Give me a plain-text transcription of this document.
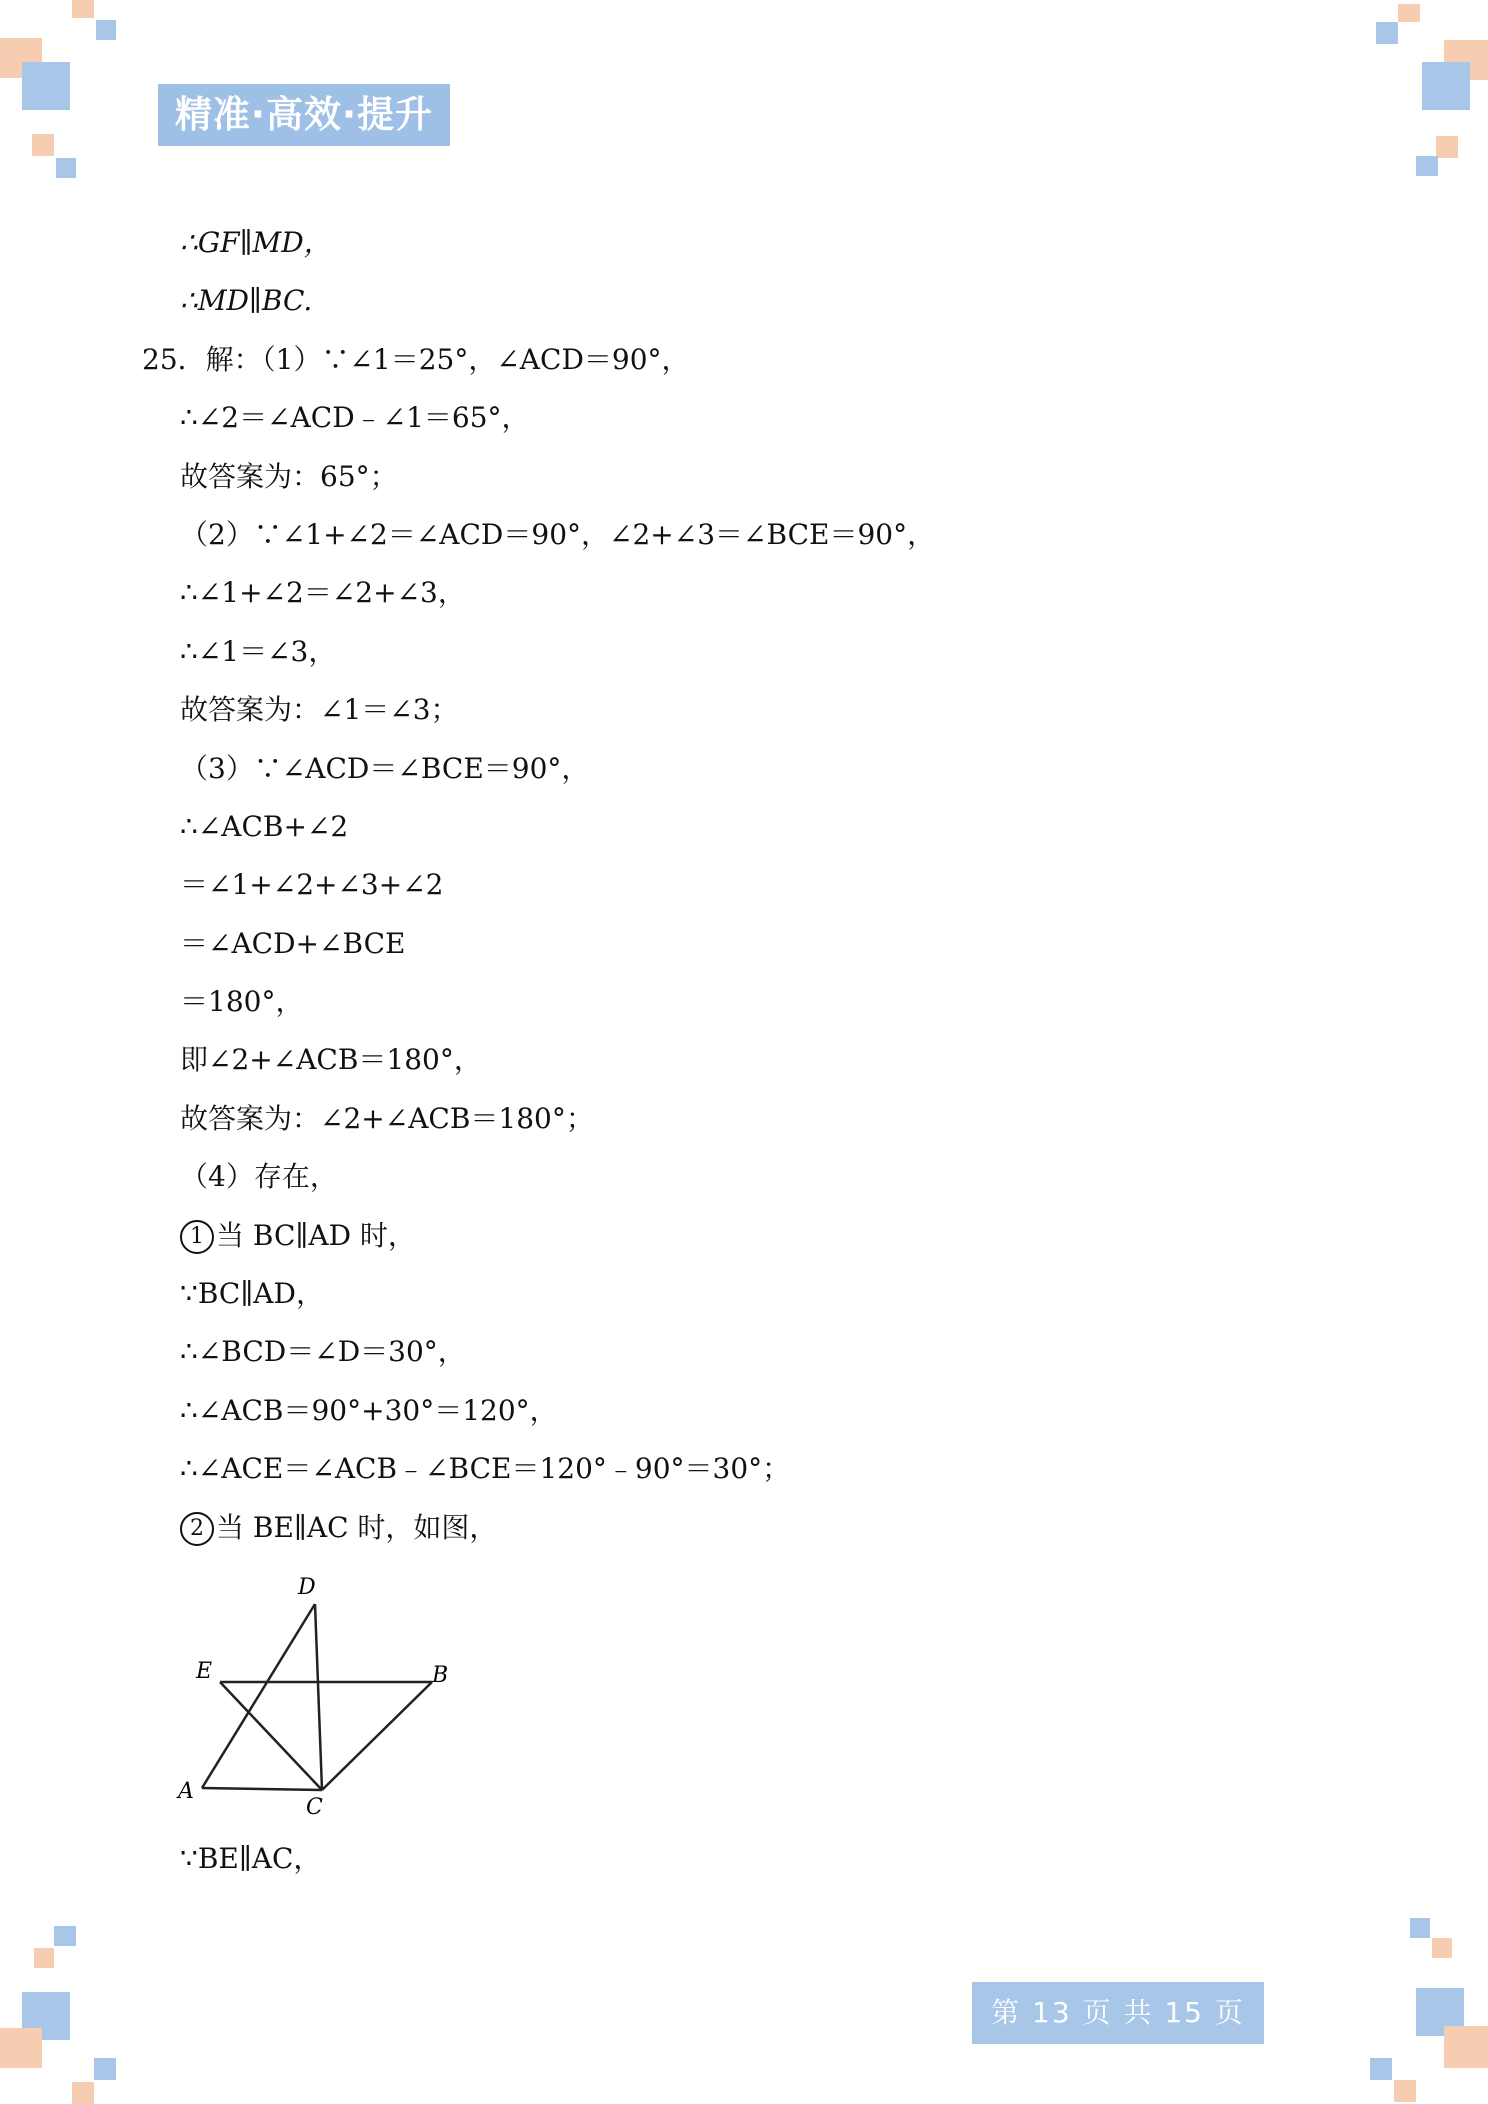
精准·高效·提升
∴GF∥MD，
∴MD∥BC.
25．解：（1）∵∠1＝25°，∠ACD＝90°，
∴∠2＝∠ACD﹣∠1＝65°，
故答案为：65°；
（2）∵∠1+∠2＝∠ACD＝90°，∠2+∠3＝∠BCE＝90°，
∴∠1+∠2＝∠2+∠3，
∴∠1＝∠3，
故答案为：∠1＝∠3；
（3）∵∠ACD＝∠BCE＝90°，
∴∠ACB+∠2
＝∠1+∠2+∠3+∠2
＝∠ACD+∠BCE
＝180°，
即∠2+∠ACB＝180°，
故答案为：∠2+∠ACB＝180°；
（4）存在，
1 当 BC∥AD 时，
∵BC∥AD，
∴∠BCD＝∠D＝30°，
∴∠ACB＝90°+30°＝120°，
∴∠ACE＝∠ACB﹣∠BCE＝120°﹣90°＝30°；
2 当 BE∥AC 时，如图，
D
E	B
A
C
∵BE∥AC，
第 13 页 共 15 页
